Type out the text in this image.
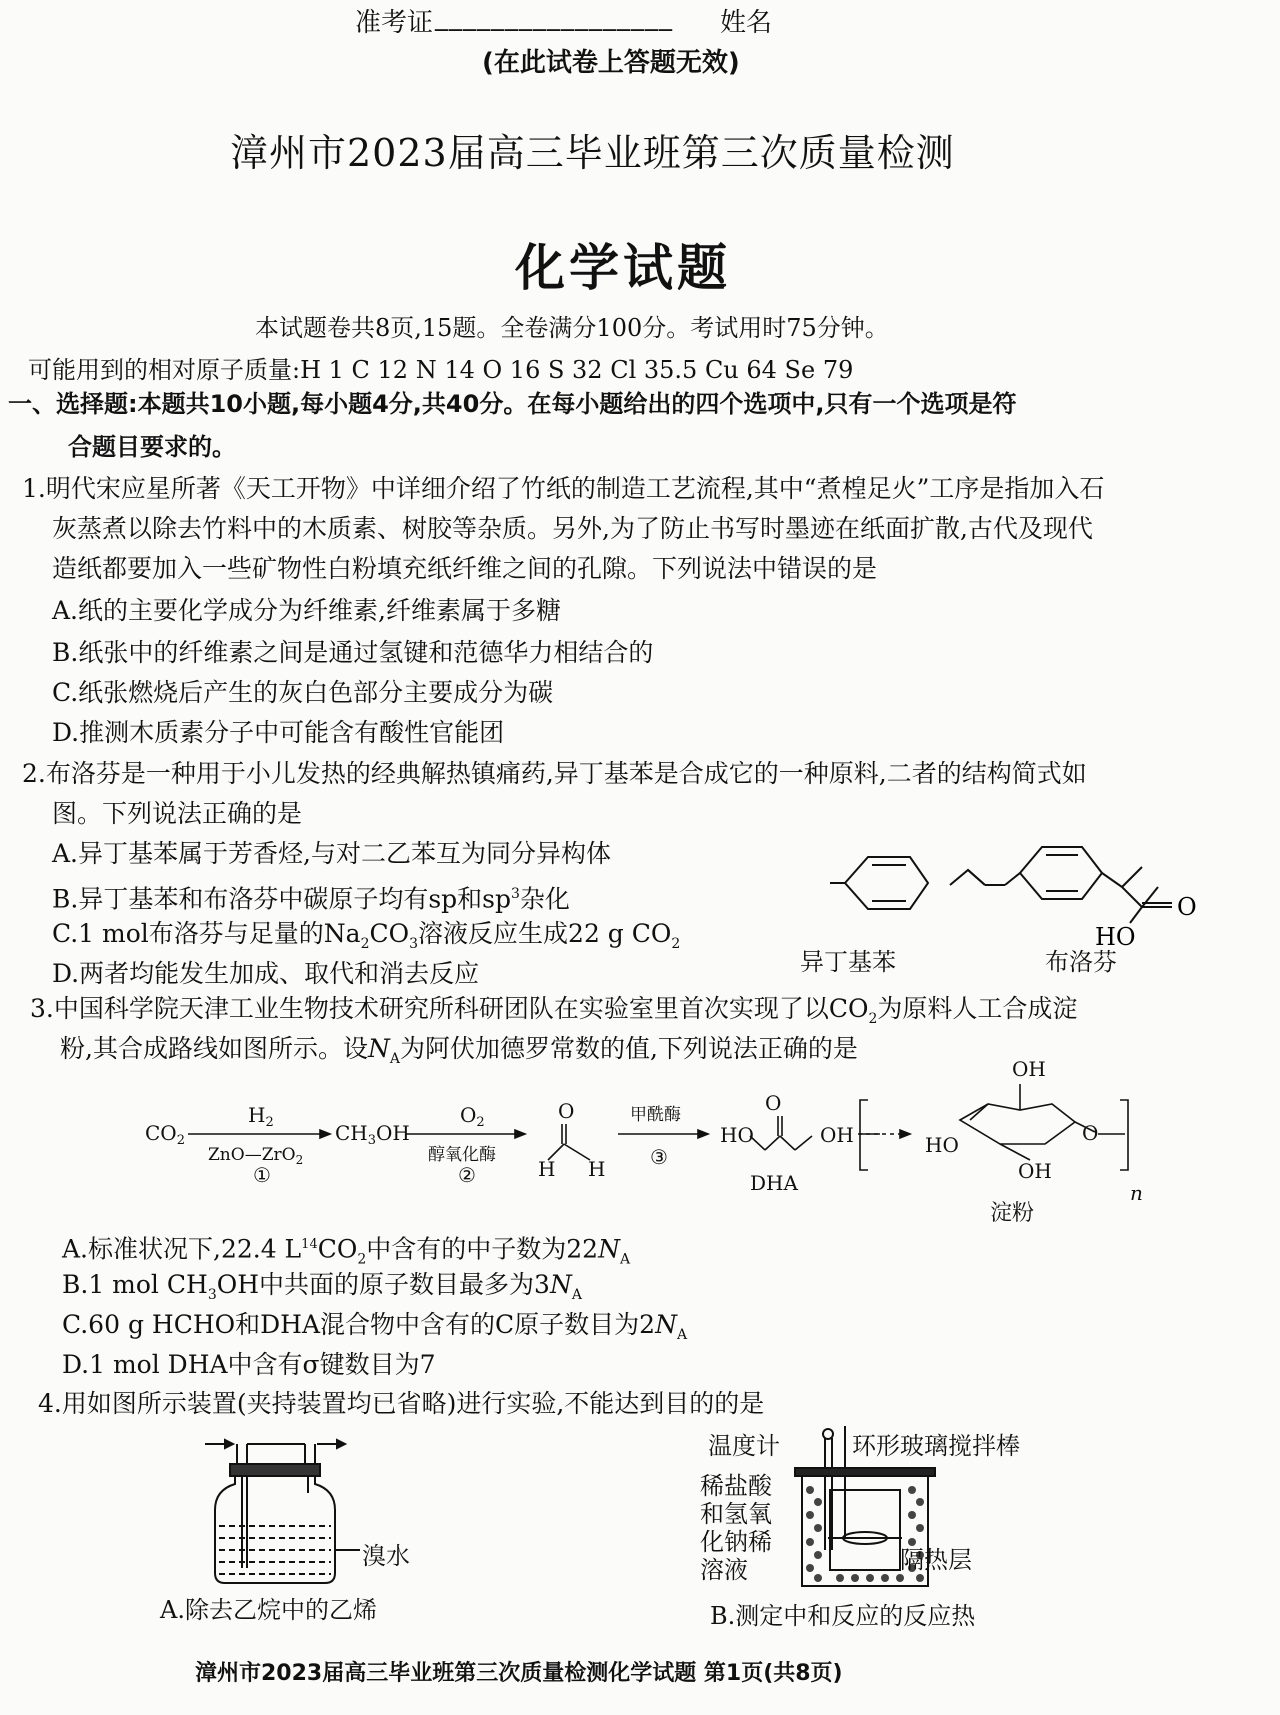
准考证 _________________ 姓名
(在此试卷上答题无效)
漳州市2023届高三毕业班第三次质量检测
化学试题
本试题卷共8页,15题。全卷满分100分。考试用时75分钟。
可能用到的相对原子质量:H 1 C 12 N 14 O 16 S 32 Cl 35.5 Cu 64 Se 79
一、选择题:本题共10小题,每小题4分,共40分。在每小题给出的四个选项中,只有一个选项是符
合题目要求的。
1.明代宋应星所著《天工开物》中详细介绍了竹纸的制造工艺流程,其中“煮楻足火”工序是指加入石
灰蒸煮以除去竹料中的木质素、树胶等杂质。另外,为了防止书写时墨迹在纸面扩散,古代及现代
造纸都要加入一些矿物性白粉填充纸纤维之间的孔隙。下列说法中错误的是
A.纸的主要化学成分为纤维素,纤维素属于多糖
B.纸张中的纤维素之间是通过氢键和范德华力相结合的
C.纸张燃烧后产生的灰白色部分主要成分为碳
D.推测木质素分子中可能含有酸性官能团
2.布洛芬是一种用于小儿发热的经典解热镇痛药,异丁基苯是合成它的一种原料,二者的结构简式如
图。下列说法正确的是
A.异丁基苯属于芳香烃,与对二乙苯互为同分异构体
B.异丁基苯和布洛芬中碳原子均有sp和$sp^3$杂化
C.1 mol布洛芬与足量的$Na_2CO_3$溶液反应生成22 g $CO_2$
D.两者均能发生加成、取代和消去反应
O
HO
异丁基苯	布洛芬
3.中国科学院天津工业生物技术研究所科研团队在实验室里首次实现了以$CO_2$为原料人工合成淀
粉,其合成路线如图所示。设$N_A$为阿伏加德罗常数的值,下列说法正确的是
$CO_2$
$H_2$
ZnO—ZrO$_2$
①
$CH_3OH$
$O_2$
醇氧化酶
②
O
H H
甲酰酶
③
HO
O
OH
DHA
OH
HO
OH
O
淀粉
n
A.标准状况下,22.4 $L^{14}CO_2$中含有的中子数为$22N_A$
B.1 mol $CH_3OH$中共面的原子数目最多为$3N_A$
C.60 g HCHO和DHA混合物中含有的C原子数目为$2N_A$
D.1 mol DHA中含有σ键数目为7
4.用如图所示装置(夹持装置均已省略)进行实验,不能达到目的的是
溴水
A.除去乙烷中的乙烯
温度计	环形玻璃搅拌棒
稀盐酸
和氢氧
化钠稀
溶液	隔热层
B.测定中和反应的反应热
漳州市2023届高三毕业班第三次质量检测化学试题 第1页(共8页)
